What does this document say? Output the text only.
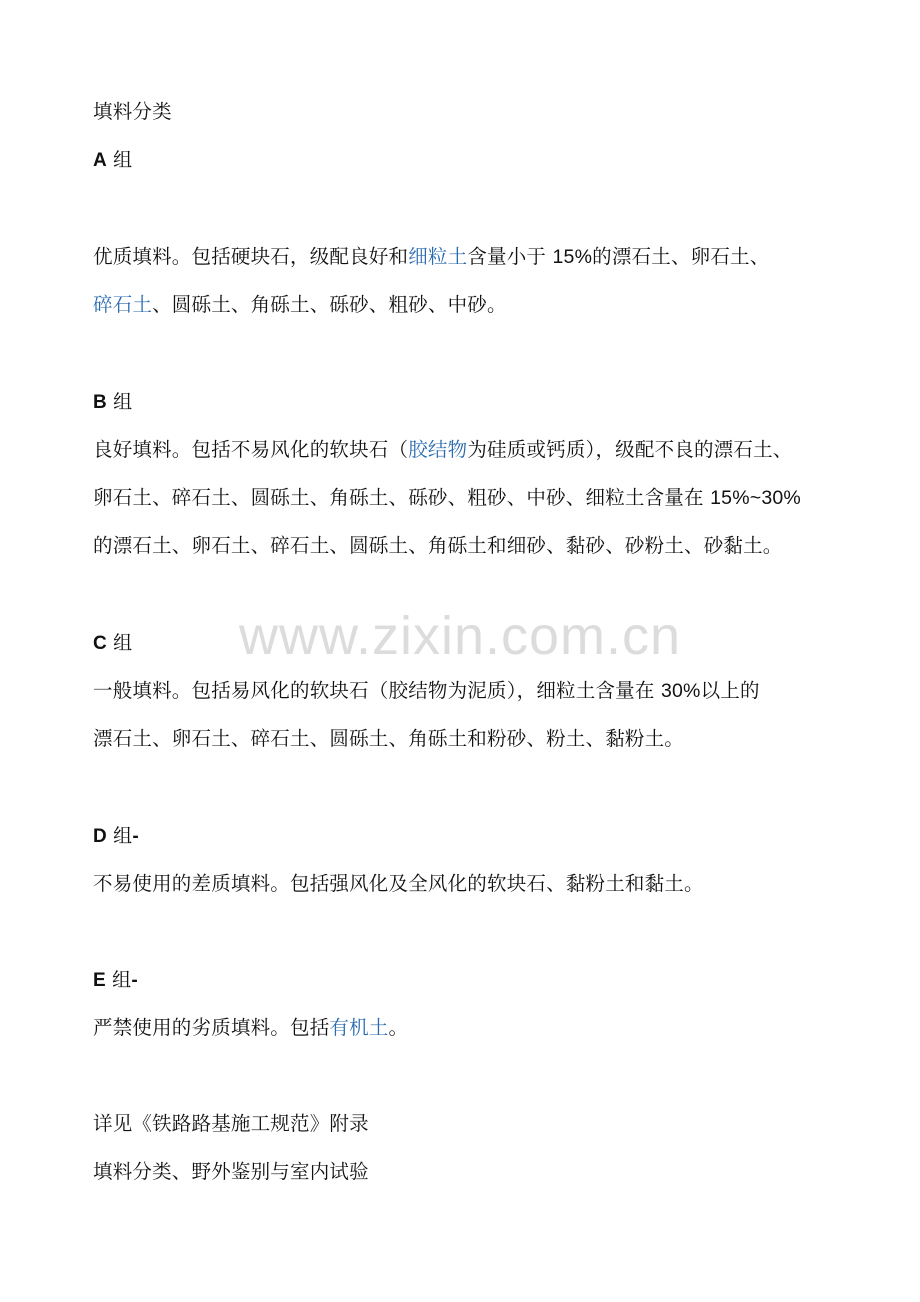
www.zixin.com.cn

填料分类

A 组

优质填料。包括硬块石，级配良好和细粒土含量小于 15%的漂石土、卵石土、

碎石土、圆砾土、角砾土、砾砂、粗砂、中砂。

B 组

良好填料。包括不易风化的软块石（胶结物为硅质或钙质），级配不良的漂石土、

卵石土、碎石土、圆砾土、角砾土、砾砂、粗砂、中砂、细粒土含量在 15%~30%

的漂石土、卵石土、碎石土、圆砾土、角砾土和细砂、黏砂、砂粉土、砂黏土。

C 组

一般填料。包括易风化的软块石（胶结物为泥质），细粒土含量在 30%以上的

漂石土、卵石土、碎石土、圆砾土、角砾土和粉砂、粉土、黏粉土。

D 组-

不易使用的差质填料。包括强风化及全风化的软块石、黏粉土和黏土。

E 组-

严禁使用的劣质填料。包括有机土。

详见《铁路路基施工规范》附录

填料分类、野外鉴别与室内试验
